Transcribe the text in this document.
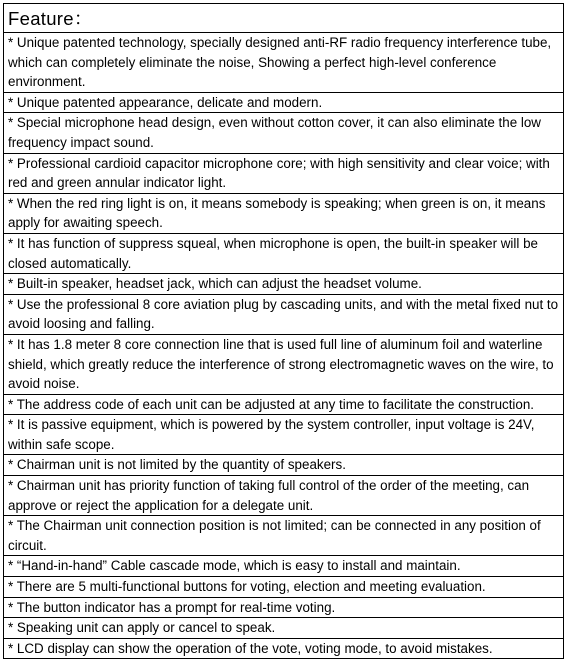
Feature：
* Unique patented technology, specially designed anti-RF radio frequency interference tube, which can completely eliminate the noise, Showing a perfect high-level conference environment.
* Unique patented appearance, delicate and modern.
* Special microphone head design, even without cotton cover, it can also eliminate the low frequency impact sound.
* Professional cardioid capacitor microphone core; with high sensitivity and clear voice; with red and green annular indicator light.
* When the red ring light is on, it means somebody is speaking; when green is on, it means apply for awaiting speech.
* It has function of suppress squeal, when microphone is open, the built-in speaker will be closed automatically.
* Built-in speaker, headset jack, which can adjust the headset volume.
* Use the professional 8 core aviation plug by cascading units, and with the metal fixed nut to avoid loosing and falling.
* It has 1.8 meter 8 core connection line that is used full line of aluminum foil and waterline shield, which greatly reduce the interference of strong electromagnetic waves on the wire, to avoid noise.
* The address code of each unit can be adjusted at any time to facilitate the construction.
* It is passive equipment, which is powered by the system controller, input voltage is 24V, within safe scope.
* Chairman unit is not limited by the quantity of speakers.
* Chairman unit has priority function of taking full control of the order of the meeting, can approve or reject the application for a delegate unit.
* The Chairman unit connection position is not limited; can be connected in any position of circuit.
* “Hand-in-hand” Cable cascade mode, which is easy to install and maintain.
* There are 5 multi-functional buttons for voting, election and meeting evaluation.
* The button indicator has a prompt for real-time voting.
* Speaking unit can apply or cancel to speak.
* LCD display can show the operation of the vote, voting mode, to avoid mistakes.
